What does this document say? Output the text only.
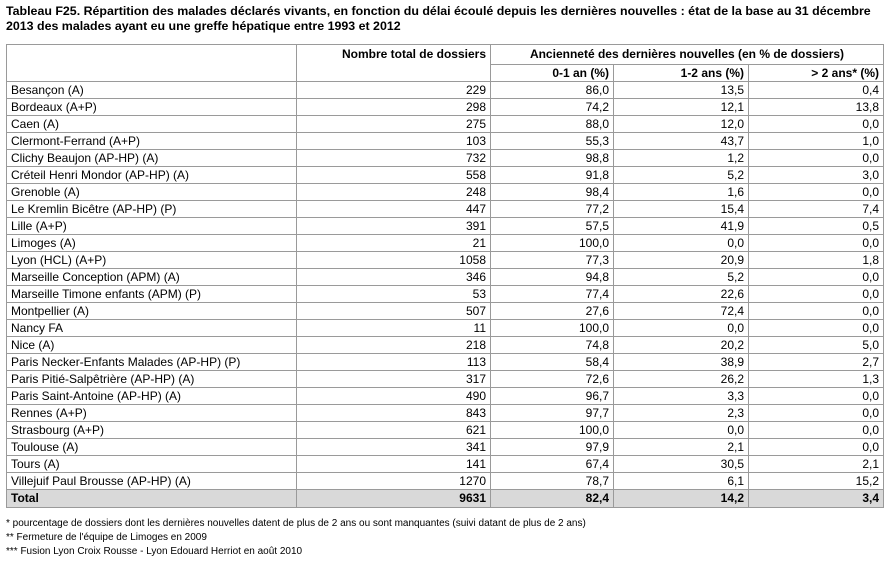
Tableau F25. Répartition des malades déclarés vivants, en fonction du délai écoulé depuis les dernières nouvelles : état de la base au 31 décembre 2013 des malades ayant eu une greffe hépatique entre 1993 et 2012
	Nombre total de dossiers	Ancienneté des dernières nouvelles (en % de dossiers)		
		0-1 an (%)	1-2 ans (%)	> 2 ans* (%)
Besançon (A)	229	86,0	13,5	0,4
Bordeaux (A+P)	298	74,2	12,1	13,8
Caen (A)	275	88,0	12,0	0,0
Clermont-Ferrand (A+P)	103	55,3	43,7	1,0
Clichy Beaujon (AP-HP) (A)	732	98,8	1,2	0,0
Créteil Henri Mondor (AP-HP) (A)	558	91,8	5,2	3,0
Grenoble (A)	248	98,4	1,6	0,0
Le Kremlin Bicêtre (AP-HP) (P)	447	77,2	15,4	7,4
Lille (A+P)	391	57,5	41,9	0,5
Limoges (A)	21	100,0	0,0	0,0
Lyon (HCL) (A+P)	1058	77,3	20,9	1,8
Marseille Conception (APM) (A)	346	94,8	5,2	0,0
Marseille Timone enfants (APM) (P)	53	77,4	22,6	0,0
Montpellier (A)	507	27,6	72,4	0,0
Nancy FA	11	100,0	0,0	0,0
Nice (A)	218	74,8	20,2	5,0
Paris Necker-Enfants Malades (AP-HP) (P)	113	58,4	38,9	2,7
Paris Pitié-Salpêtrière (AP-HP) (A)	317	72,6	26,2	1,3
Paris Saint-Antoine (AP-HP) (A)	490	96,7	3,3	0,0
Rennes (A+P)	843	97,7	2,3	0,0
Strasbourg (A+P)	621	100,0	0,0	0,0
Toulouse (A)	341	97,9	2,1	0,0
Tours (A)	141	67,4	30,5	2,1
Villejuif Paul Brousse (AP-HP) (A)	1270	78,7	6,1	15,2
Total	9631	82,4	14,2	3,4
* pourcentage de dossiers dont les dernières nouvelles datent de plus de 2 ans ou sont manquantes (suivi datant de plus de 2 ans)
** Fermeture de l'équipe de Limoges en 2009
*** Fusion Lyon Croix Rousse - Lyon Edouard Herriot en août 2010
